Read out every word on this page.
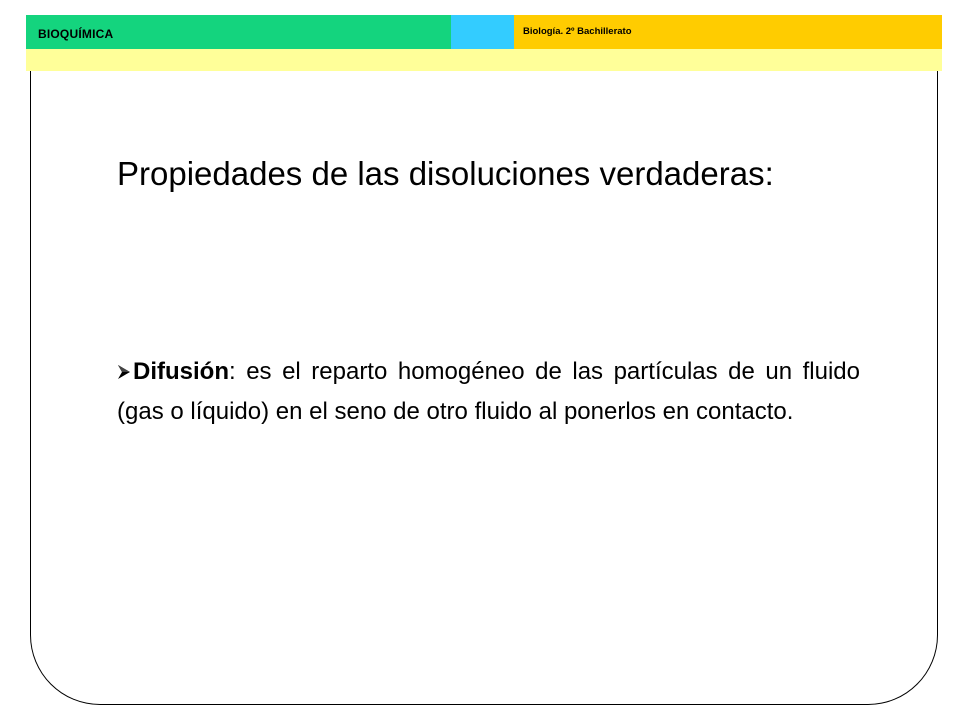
BIOQUÍMICA	Biología. 2º Bachillerato
Propiedades de las disoluciones verdaderas:
Difusión: es el reparto homogéneo de las partículas de un fluido (gas o líquido) en el seno de otro fluido al ponerlos en contacto.
